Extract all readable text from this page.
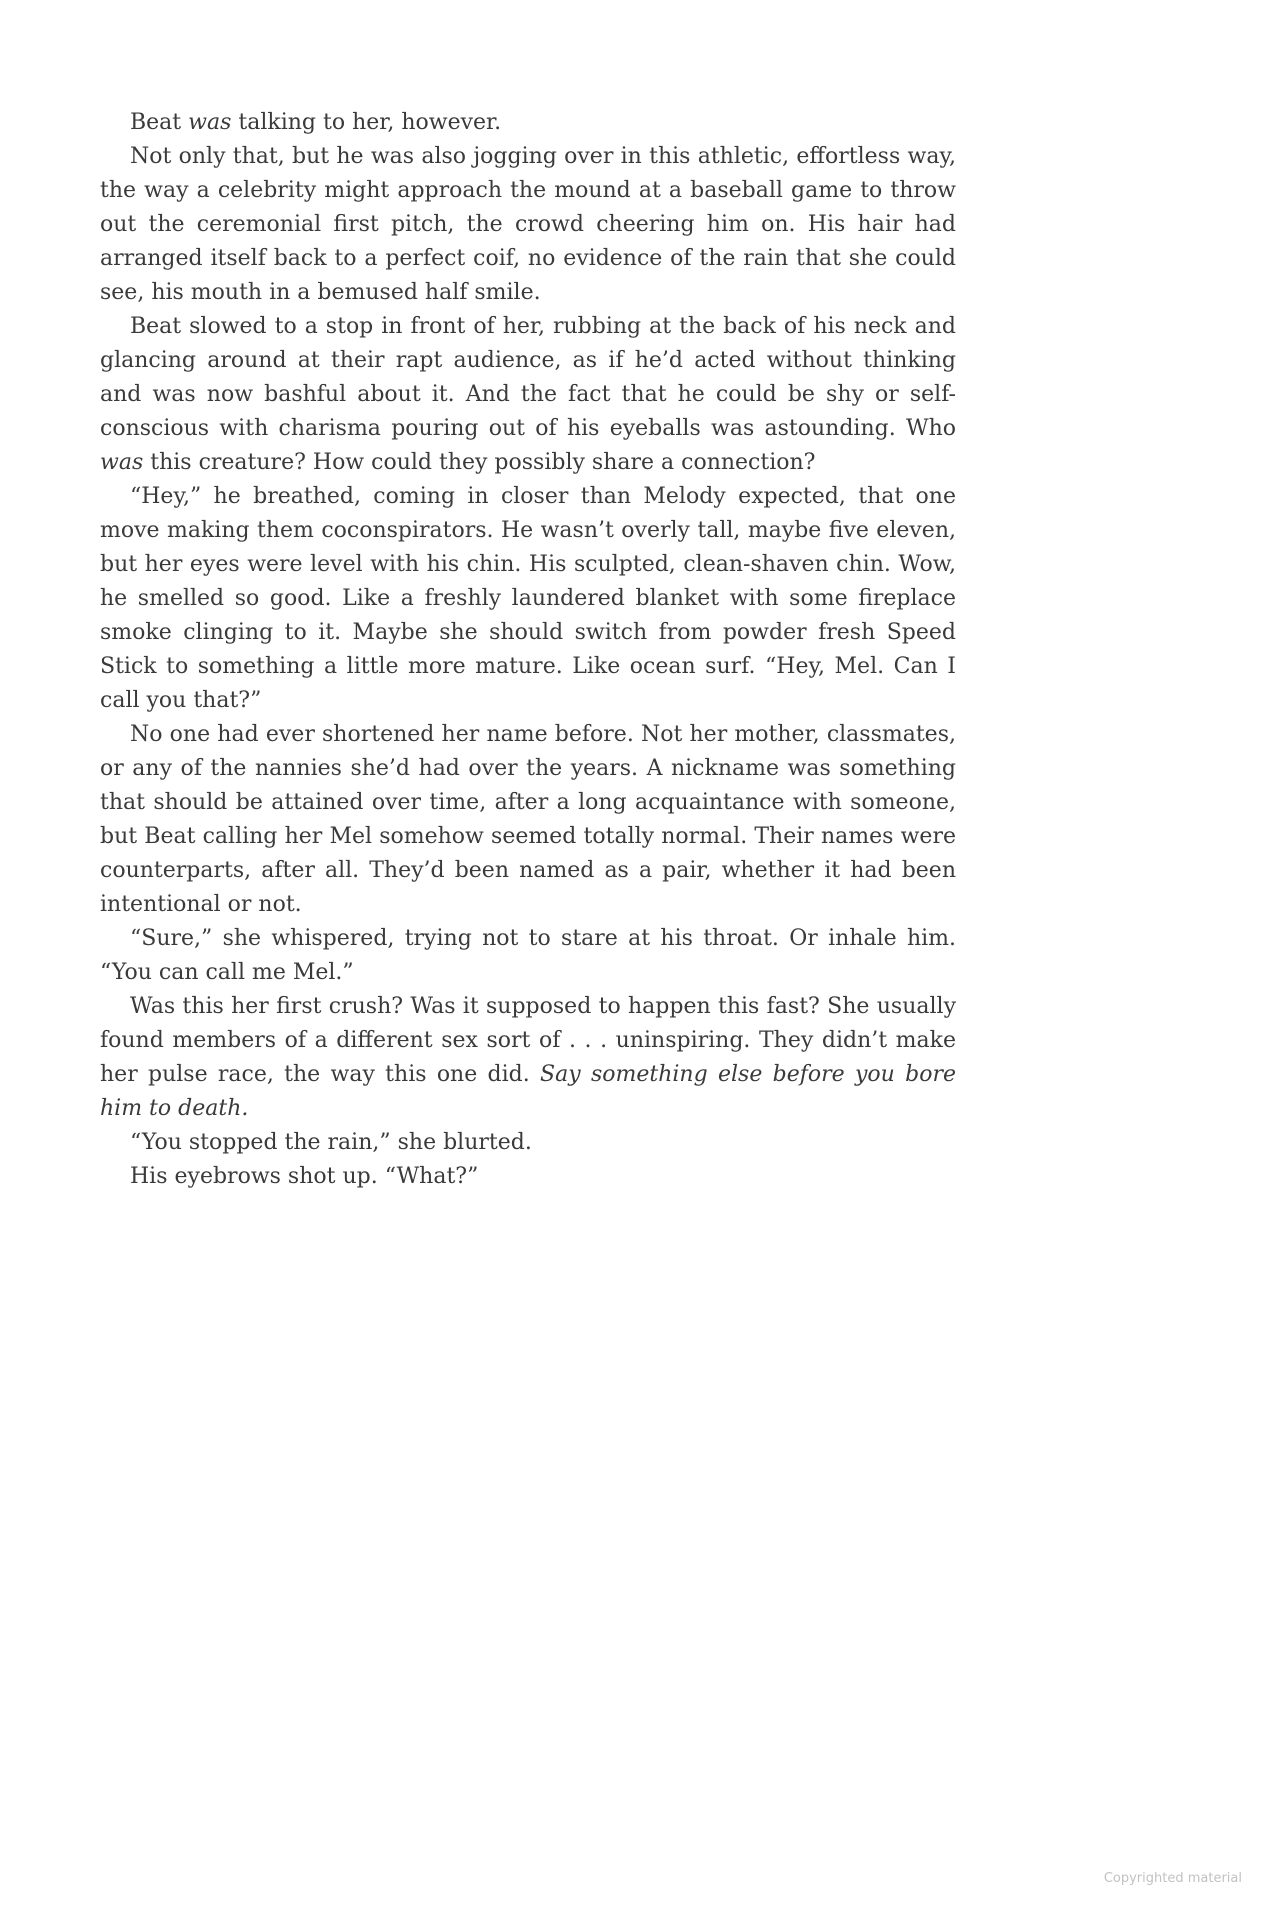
Beat was talking to her, however.

Not only that, but he was also jogging over in this athletic, effortless way, the way a celebrity might approach the mound at a baseball game to throw out the ceremonial first pitch, the crowd cheering him on. His hair had arranged itself back to a perfect coif, no evidence of the rain that she could see, his mouth in a bemused half smile.

Beat slowed to a stop in front of her, rubbing at the back of his neck and glancing around at their rapt audience, as if he’d acted without thinking and was now bashful about it. And the fact that he could be shy or self-conscious with charisma pouring out of his eyeballs was astounding. Who was this creature? How could they possibly share a connection?

“Hey,” he breathed, coming in closer than Melody expected, that one move making them coconspirators. He wasn’t overly tall, maybe five eleven, but her eyes were level with his chin. His sculpted, clean-shaven chin. Wow, he smelled so good. Like a freshly laundered blanket with some fireplace smoke clinging to it. Maybe she should switch from powder fresh Speed Stick to something a little more mature. Like ocean surf. “Hey, Mel. Can I call you that?”

No one had ever shortened her name before. Not her mother, classmates, or any of the nannies she’d had over the years. A nickname was something that should be attained over time, after a long acquaintance with someone, but Beat calling her Mel somehow seemed totally normal. Their names were counterparts, after all. They’d been named as a pair, whether it had been intentional or not.

“Sure,” she whispered, trying not to stare at his throat. Or inhale him. “You can call me Mel.”

Was this her first crush? Was it supposed to happen this fast? She usually found members of a different sex sort of . . . uninspiring. They didn’t make her pulse race, the way this one did. Say something else before you bore him to death.

“You stopped the rain,” she blurted.

His eyebrows shot up. “What?”

Copyrighted material
